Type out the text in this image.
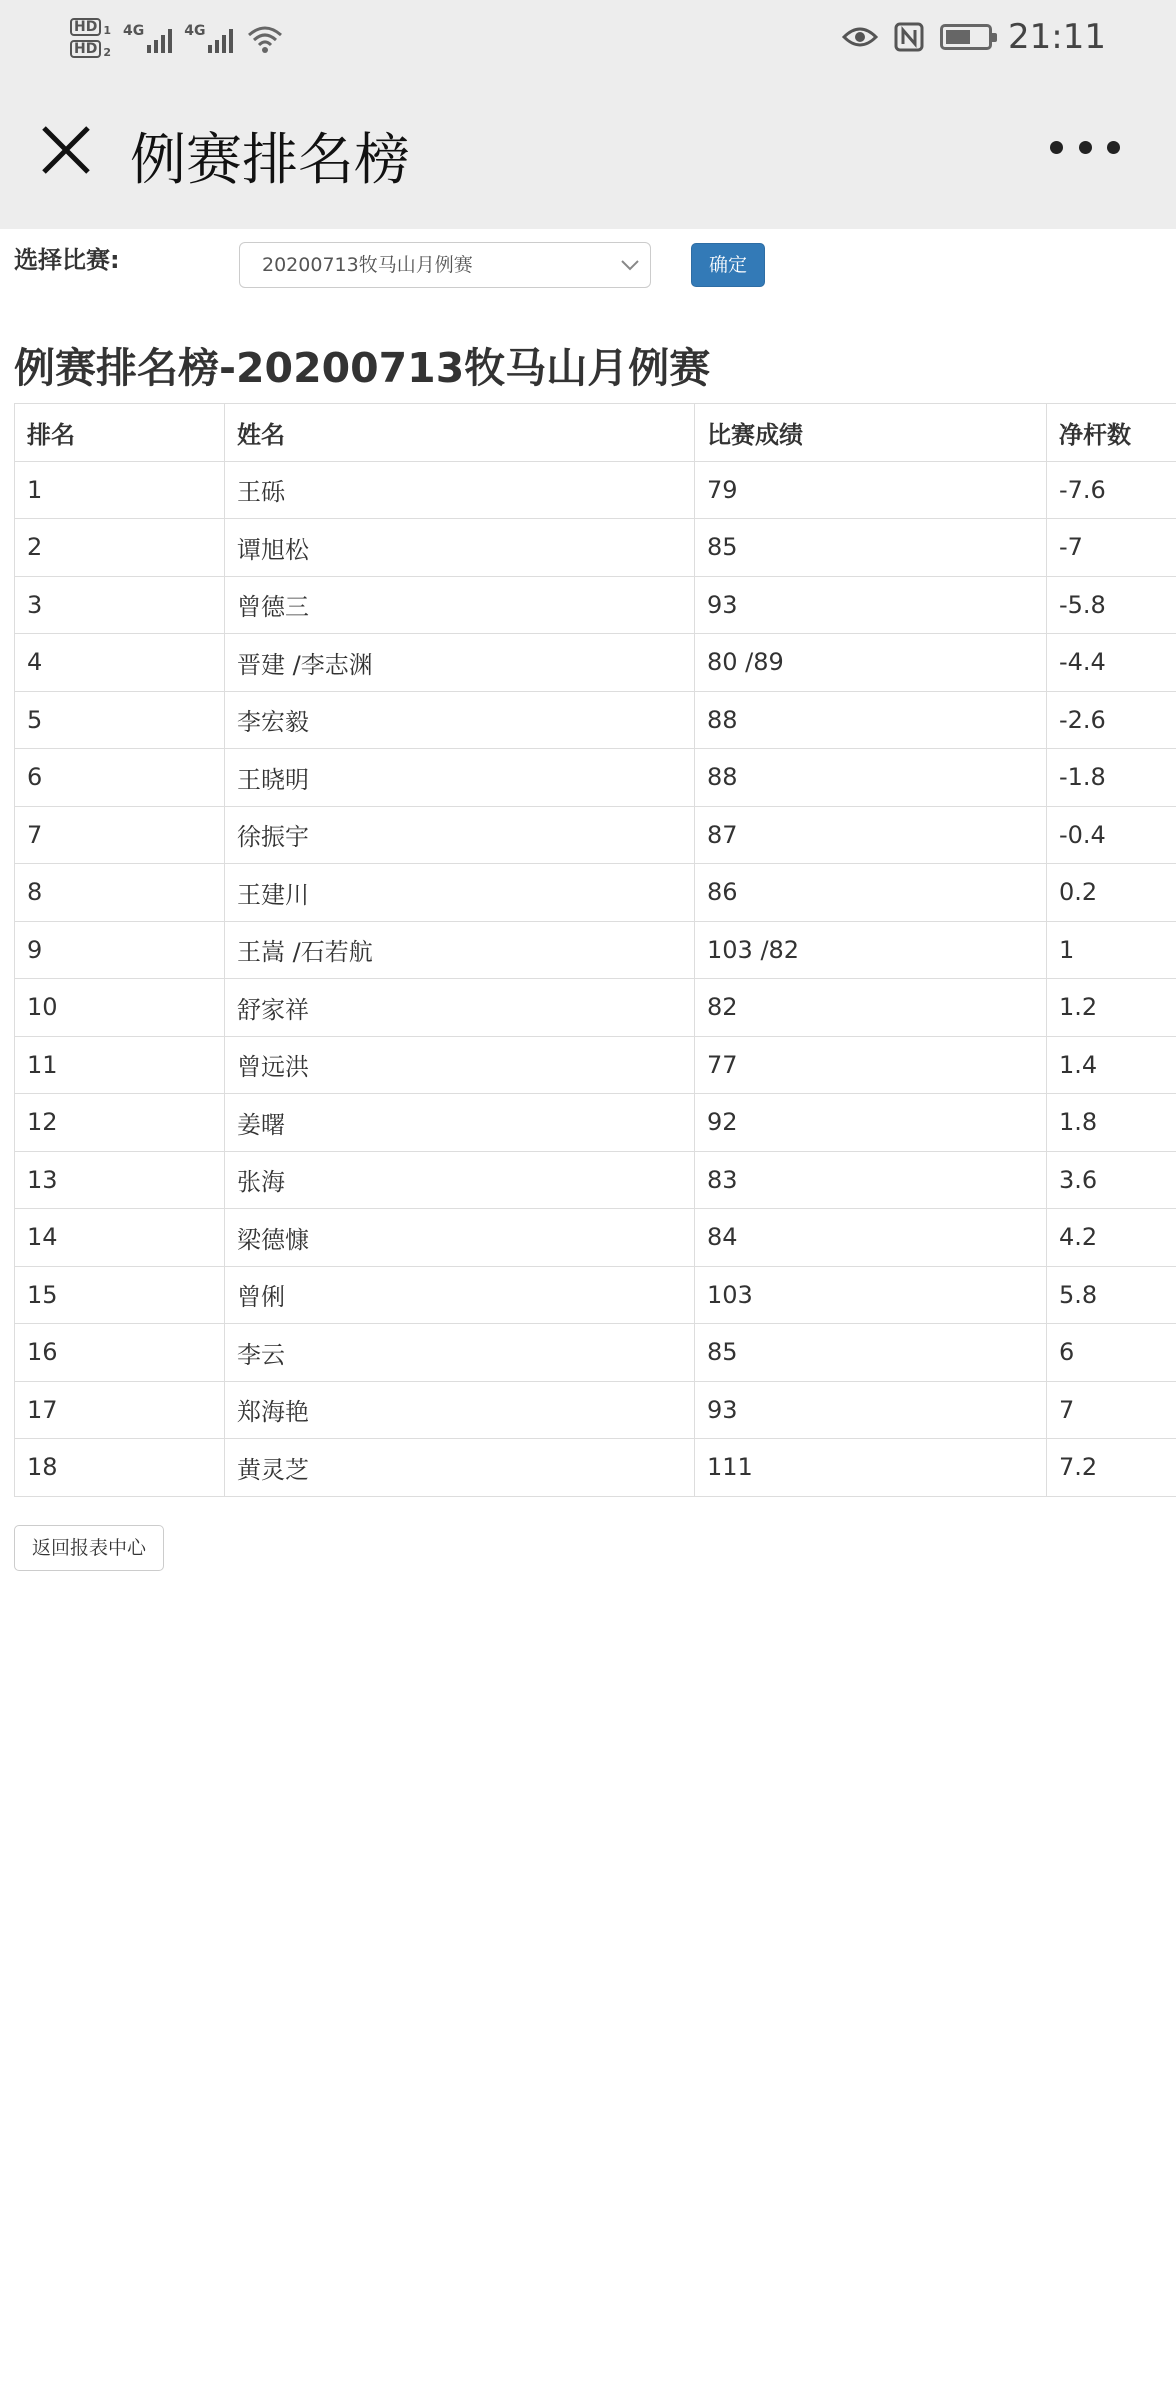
HD $_1$
HD $_2$
4G	4G	21:11
例赛排名榜
选择比赛:	20200713牧马山月例赛	确定
例赛排名榜-20200713牧马山月例赛
排名	姓名	比赛成绩	净杆数
1	王砾	79	-7.6
2	谭旭松	85	-7
3	曾德三	93	-5.8
4	晋建 /李志渊	80 /89	-4.4
5	李宏毅	88	-2.6
6	王晓明	88	-1.8
7	徐振宇	87	-0.4
8	王建川	86	0.2
9	王嵩 /石若航	103 /82	1
10	舒家祥	82	1.2
11	曾远洪	77	1.4
12	姜曙	92	1.8
13	张海	83	3.6
14	梁德慷	84	4.2
15	曾俐	103	5.8
16	李云	85	6
17	郑海艳	93	7
18	黄灵芝	111	7.2
返回报表中心
